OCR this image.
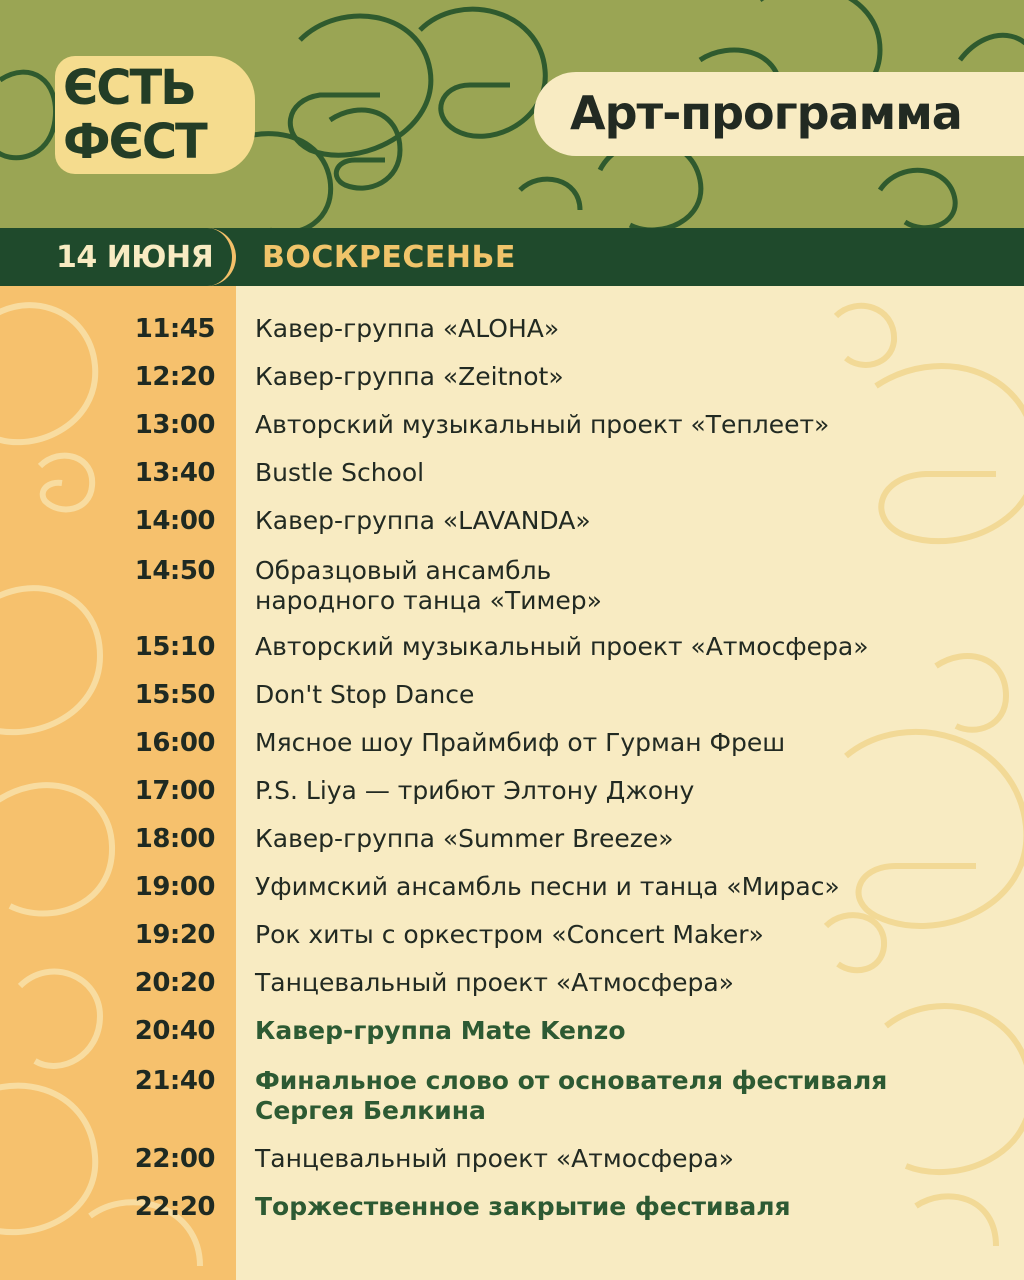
ЄСТЬ
ФЄСТ
Арт-программа
14 ИЮНЯ ВОСКРЕСЕНЬЕ
11:45 Кавер-группа «ALOHA»
12:20 Кавер-группа «Zeitnot»
13:00 Авторский музыкальный проект «Теплеет»
13:40 Bustle School
14:00 Кавер-группа «LAVANDA»
14:50 Образцовый ансамбль
народного танца «Тимер»
15:10 Авторский музыкальный проект «Атмосфера»
15:50 Don't Stop Dance
16:00 Мясное шоу Праймбиф от Гурман Фреш
17:00 P.S. Liya — трибют Элтону Джону
18:00 Кавер-группа «Summer Breeze»
19:00 Уфимский ансамбль песни и танца «Мирас»
19:20 Рок хиты с оркестром «Concert Maker»
20:20 Танцевальный проект «Атмосфера»
20:40 Кавер-группа Mate Kenzo
21:40 Финальное слово от основателя фестиваля
Сергея Белкина
22:00 Танцевальный проект «Атмосфера»
22:20 Торжественное закрытие фестиваля
